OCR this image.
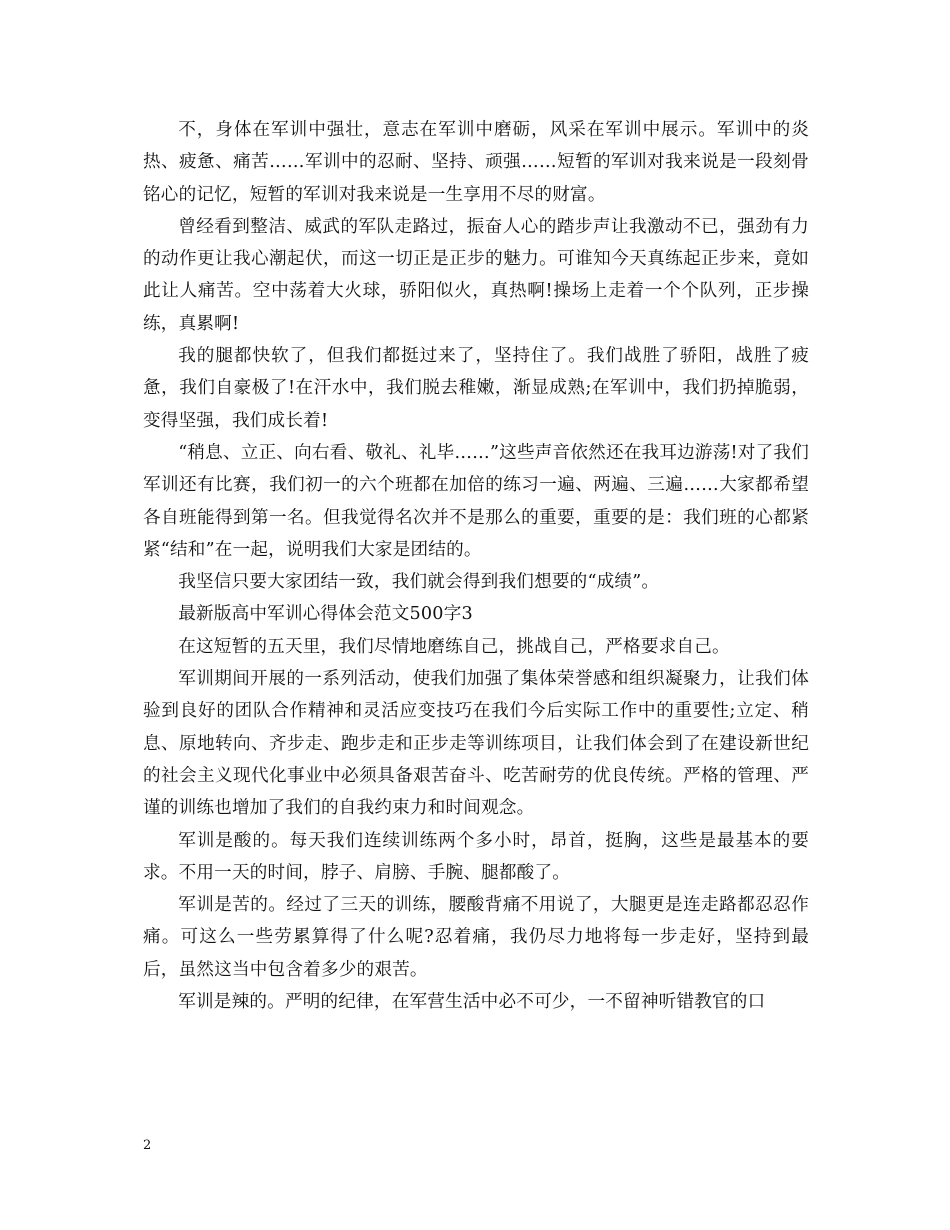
不，身体在军训中强壮，意志在军训中磨砺，风采在军训中展示。军训中的炎热、疲惫、痛苦……军训中的忍耐、坚持、顽强……短暂的军训对我来说是一段刻骨铭心的记忆，短暂的军训对我来说是一生享用不尽的财富。

曾经看到整洁、威武的军队走路过，振奋人心的踏步声让我激动不已，强劲有力的动作更让我心潮起伏，而这一切正是正步的魅力。可谁知今天真练起正步来，竟如此让人痛苦。空中荡着大火球，骄阳似火，真热啊!操场上走着一个个队列，正步操练，真累啊!

我的腿都快软了，但我们都挺过来了，坚持住了。我们战胜了骄阳，战胜了疲惫，我们自豪极了!在汗水中，我们脱去稚嫩，渐显成熟;在军训中，我们扔掉脆弱，变得坚强，我们成长着!

“稍息、立正、向右看、敬礼、礼毕……”这些声音依然还在我耳边游荡!对了我们军训还有比赛，我们初一的六个班都在加倍的练习一遍、两遍、三遍……大家都希望各自班能得到第一名。但我觉得名次并不是那么的重要，重要的是：我们班的心都紧紧“结和”在一起，说明我们大家是团结的。

我坚信只要大家团结一致，我们就会得到我们想要的“成绩”。

最新版高中军训心得体会范文500字3

在这短暂的五天里，我们尽情地磨练自己，挑战自己，严格要求自己。

军训期间开展的一系列活动，使我们加强了集体荣誉感和组织凝聚力，让我们体验到良好的团队合作精神和灵活应变技巧在我们今后实际工作中的重要性;立定、稍息、原地转向、齐步走、跑步走和正步走等训练项目，让我们体会到了在建设新世纪的社会主义现代化事业中必须具备艰苦奋斗、吃苦耐劳的优良传统。严格的管理、严谨的训练也增加了我们的自我约束力和时间观念。

军训是酸的。每天我们连续训练两个多小时，昂首，挺胸，这些是最基本的要求。不用一天的时间，脖子、肩膀、手腕、腿都酸了。

军训是苦的。经过了三天的训练，腰酸背痛不用说了，大腿更是连走路都忍忍作痛。可这么一些劳累算得了什么呢?忍着痛，我仍尽力地将每一步走好，坚持到最后，虽然这当中包含着多少的艰苦。

军训是辣的。严明的纪律，在军营生活中必不可少，一不留神听错教官的口

2
